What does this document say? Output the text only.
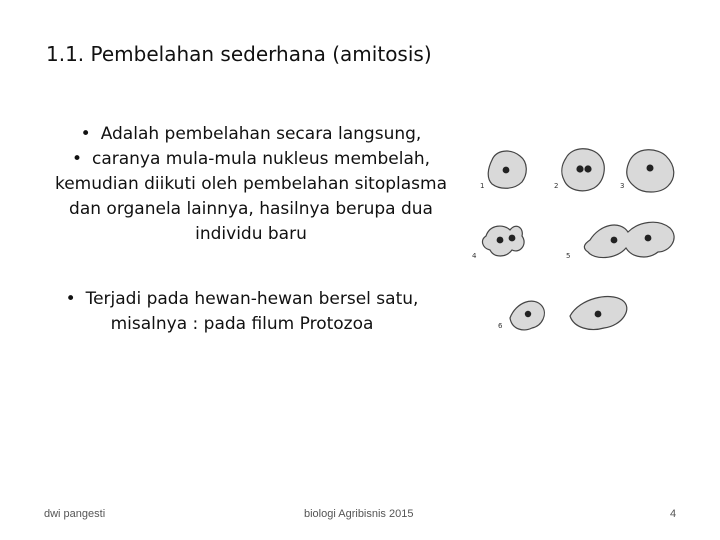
1.1. Pembelahan sederhana (amitosis)
• Adalah pembelahan secara langsung,
• caranya mula-mula nukleus membelah,
kemudian diikuti oleh pembelahan sitoplasma
dan organela lainnya, hasilnya berupa dua
individu baru
• Terjadi pada hewan-hewan bersel satu,
misalnya : pada filum Protozoa
1	2	3
4	5
6
dwi pangesti	biologi Agribisnis 2015	4
